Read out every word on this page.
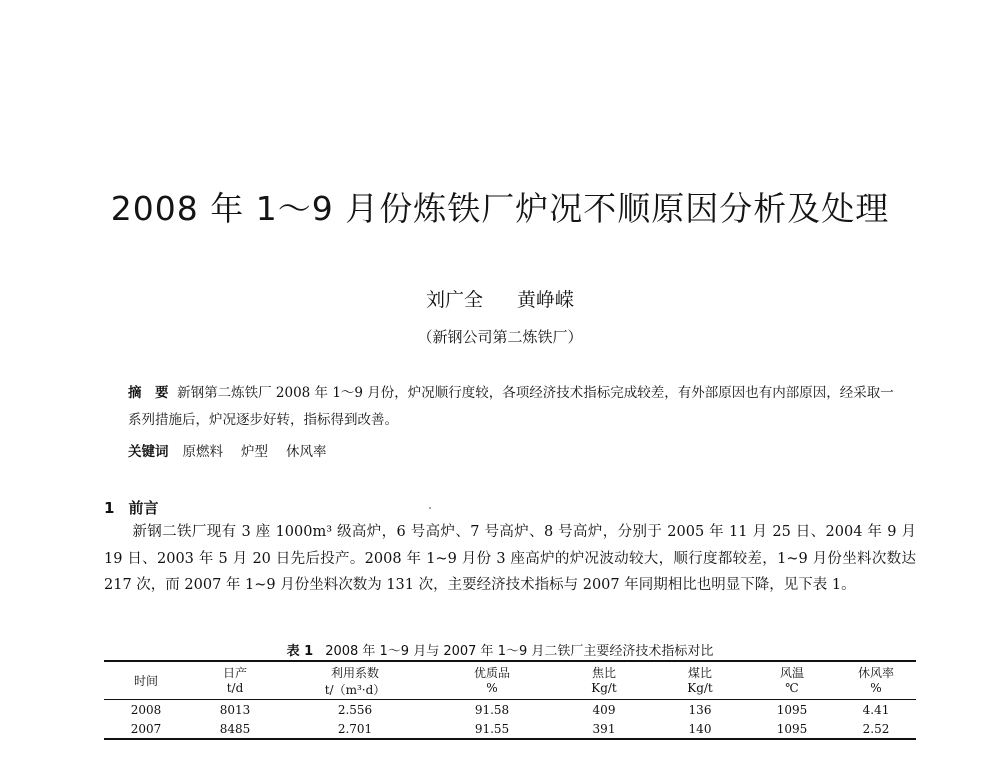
2008 年 1～9 月份炼铁厂炉况不顺原因分析及处理
刘广全 黄峥嵘
（新钢公司第二炼铁厂）
摘　要 新钢第二炼铁厂 2008 年 1～9 月份，炉况顺行度较，各项经济技术指标完成较差，有外部原因也有内部原因，经采取一系列措施后，炉况逐步好转，指标得到改善。
关键词 原燃料 炉型 休风率
1 前言
新钢二铁厂现有 3 座 1000m³ 级高炉，6 号高炉、7 号高炉、8 号高炉，分别于 2005 年 11 月 25 日、2004 年 9 月 19 日、2003 年 5 月 20 日先后投产。2008 年 1~9 月份 3 座高炉的炉况波动较大，顺行度都较差，1~9 月份坐料次数达 217 次，而 2007 年 1~9 月份坐料次数为 131 次，主要经济技术指标与 2007 年同期相比也明显下降，见下表 1。
表 1 2008 年 1～9 月与 2007 年 1～9 月二铁厂主要经济技术指标对比
时间	日产	利用系数	优质品	焦比	煤比	风温	休风率
	t/d	t/（m³·d）	%	Kg/t	Kg/t	℃	%
2008	8013	2.556	91.58	409	136	1095	4.41
2007	8485	2.701	91.55	391	140	1095	2.52
